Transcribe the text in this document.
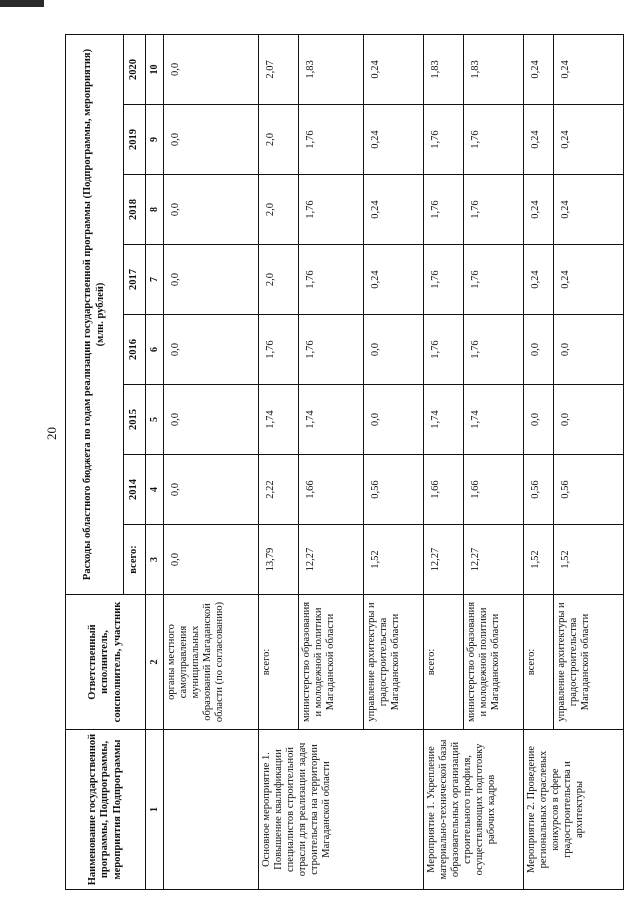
20
Наименование государственной программы, Подпрограммы, мероприятия Подпрограммы	Ответственный исполнитель, соисполнитель, участник	Расходы областного бюджета по годам реализации государственной программы (Подпрограммы, мероприятия) (млн. рублей)							
		всего:	2014	2015	2016	2017	2018	2019	2020
1	2	3	4	5	6	7	8	9	10
	органы местного самоуправления муниципальных образований Магаданской области (по согласованию)	0,0	0,0	0,0	0,0	0,0	0,0	0,0	0,0
Основное мероприятие 1. Повышение квалификации специалистов строительной отрасли для реализации задач строительства на территории Магаданской области	всего:	13,79	2,22	1,74	1,76	2,0	2,0	2,0	2,07
	министерство образования и молодежной политики Магаданской области	12,27	1,66	1,74	1,76	1,76	1,76	1,76	1,83
	управление архитектуры и градостроительства Магаданской области	1,52	0,56	0,0	0,0	0,24	0,24	0,24	0,24
Мероприятие 1. Укрепление материально-технической базы образовательных организаций строительного профиля, осуществляющих подготовку рабочих кадров	всего:	12,27	1,66	1,74	1,76	1,76	1,76	1,76	1,83
	министерство образования и молодежной политики Магаданской области	12,27	1,66	1,74	1,76	1,76	1,76	1,76	1,83
Мероприятие 2. Проведение региональных отраслевых конкурсов в сфере градостроительства и архитектуры	всего:	1,52	0,56	0,0	0,0	0,24	0,24	0,24	0,24
	управление архитектуры и градостроительства Магаданской области	1,52	0,56	0,0	0,0	0,24	0,24	0,24	0,24
